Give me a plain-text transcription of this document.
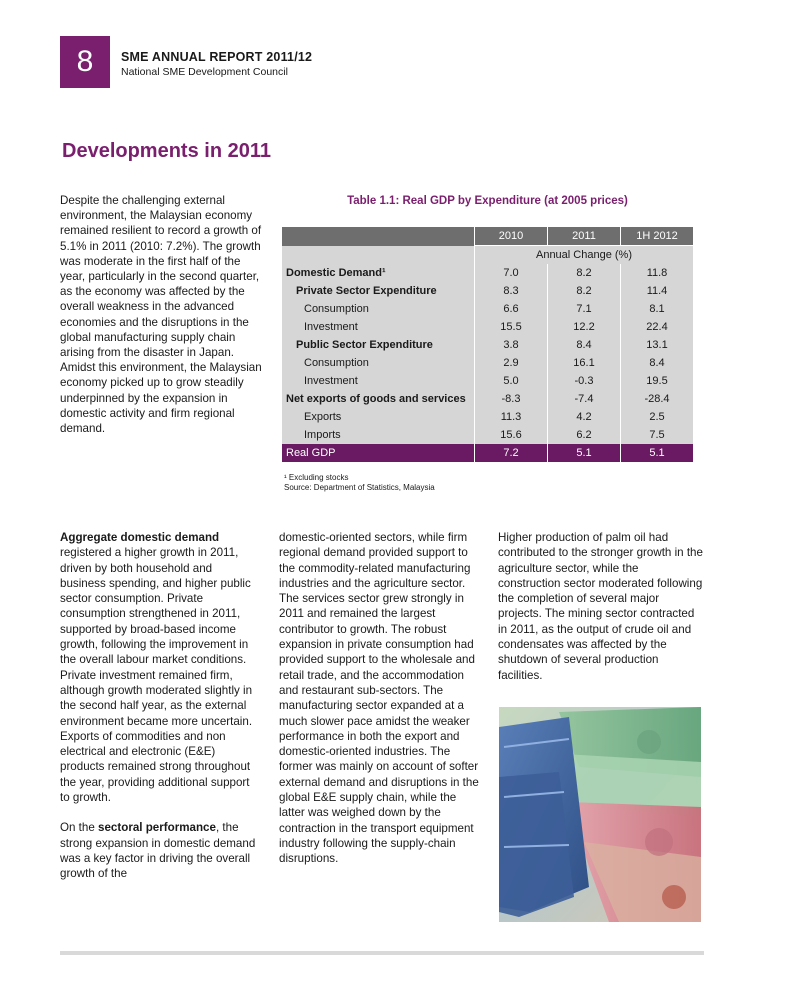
8	SME ANNUAL REPORT 2011/12
National SME Development Council
Developments in 2011
Despite the challenging external environment, the Malaysian economy remained resilient to record a growth of 5.1% in 2011 (2010: 7.2%). The growth was moderate in the first half of the year, particularly in the second quarter, as the economy was affected by the overall weakness in the advanced economies and the disruptions in the global manufacturing supply chain arising from the disaster in Japan. Amidst this environment, the Malaysian economy picked up to grow steadily underpinned by the expansion in domestic activity and firm regional demand.
Table 1.1: Real GDP by Expenditure (at 2005 prices)
	2010	2011	1H 2012
	Annual Change (%)		
Domestic Demand¹	7.0	8.2	11.8
Private Sector Expenditure	8.3	8.2	11.4
Consumption	6.6	7.1	8.1
Investment	15.5	12.2	22.4
Public Sector Expenditure	3.8	8.4	13.1
Consumption	2.9	16.1	8.4
Investment	5.0	-0.3	19.5
Net exports of goods and services	-8.3	-7.4	-28.4
Exports	11.3	4.2	2.5
Imports	15.6	6.2	7.5
Real GDP	7.2	5.1	5.1
¹ Excluding stocks
Source: Department of Statistics, Malaysia

Aggregate domestic demand registered a higher growth in 2011, driven by both household and business spending, and higher public sector consumption. Private consumption strengthened in 2011, supported by broad-based income growth, following the improvement in the overall labour market conditions. Private investment remained firm, although growth moderated slightly in the second half year, as the external environment became more uncertain. Exports of commodities and non electrical and electronic (E&E) products remained strong throughout the year, providing additional support to growth.

On the sectoral performance, the strong expansion in domestic demand was a key factor in driving the overall growth of the

domestic-oriented sectors, while firm regional demand provided support to the commodity-related manufacturing industries and the agriculture sector. The services sector grew strongly in 2011 and remained the largest contributor to growth. The robust expansion in private consumption had provided support to the wholesale and retail trade, and the accommodation and restaurant sub-sectors. The manufacturing sector expanded at a much slower pace amidst the weaker performance in both the export and domestic-oriented industries. The former was mainly on account of softer external demand and disruptions in the global E&E supply chain, while the latter was weighed down by the contraction in the transport equipment industry following the supply-chain disruptions.

Higher production of palm oil had contributed to the stronger growth in the agriculture sector, while the construction sector moderated following the completion of several major projects. The mining sector contracted in 2011, as the output of crude oil and condensates was affected by the shutdown of several production facilities.
